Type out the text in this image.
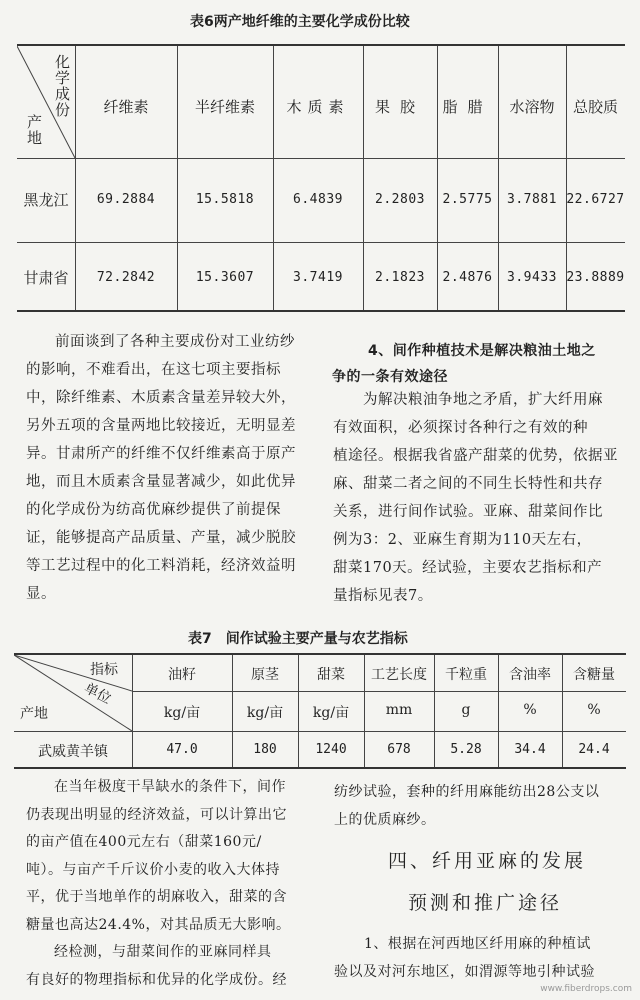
表6两产地纤维的主要化学成份比较
化学成份
产地
纤维素	半纤维素	木质素	果胶	脂腊	水溶物	总胶质
黑龙江	69.2884	15.5818	6.4839	2.2803	2.5775	3.7881 22.6727
甘肃省	72.2842	15.3607	3.7419	2.1823	2.4876	3.9433 23.8889
前面谈到了各种主要成份对工业纺纱
的影响，不难看出，在这七项主要指标
中，除纤维素、木质素含量差异较大外，
另外五项的含量两地比较接近，无明显差
异。甘肃所产的纤维不仅纤维素高于原产
地，而且木质素含量显著减少，如此优异
的化学成份为纺高优麻纱提供了前提保
证，能够提高产品质量、产量，减少脱胶
等工艺过程中的化工料消耗，经济效益明
显。
4、间作种植技术是解决粮油土地之
争的一条有效途径
为解决粮油争地之矛盾，扩大纤用麻
有效面积，必须探讨各种行之有效的种
植途径。根据我省盛产甜菜的优势，依据亚
麻、甜菜二者之间的不同生长特性和共存
关系，进行间作试验。亚麻、甜菜间作比
例为3：2、亚麻生育期为110天左右，
甜菜170天。经试验，主要农艺指标和产
量指标见表7。
表7　间作试验主要产量与农艺指标
指标
单位
产地
油籽	原茎	甜菜	工艺长度	千粒重	含油率	含糖量
kg/亩	kg/亩	kg/亩	mm	g	%	%
武威黄羊镇	47.0	180	1240	678	5.28	34.4	24.4
在当年极度干旱缺水的条件下，间作
仍表现出明显的经济效益，可以计算出它
的亩产值在400元左右（甜菜160元/
吨）。与亩产千斤议价小麦的收入大体持
平，优于当地单作的胡麻收入，甜菜的含
糖量也高达24.4%，对其品质无大影响。
经检测，与甜菜间作的亚麻同样具
有良好的物理指标和优异的化学成份。经
纺纱试验，套种的纤用麻能纺出28公支以
上的优质麻纱。
四、纤用亚麻的发展
预测和推广途径
1、根据在河西地区纤用麻的种植试
验以及对河东地区，如渭源等地引种试验
www.fiberdrops.com
